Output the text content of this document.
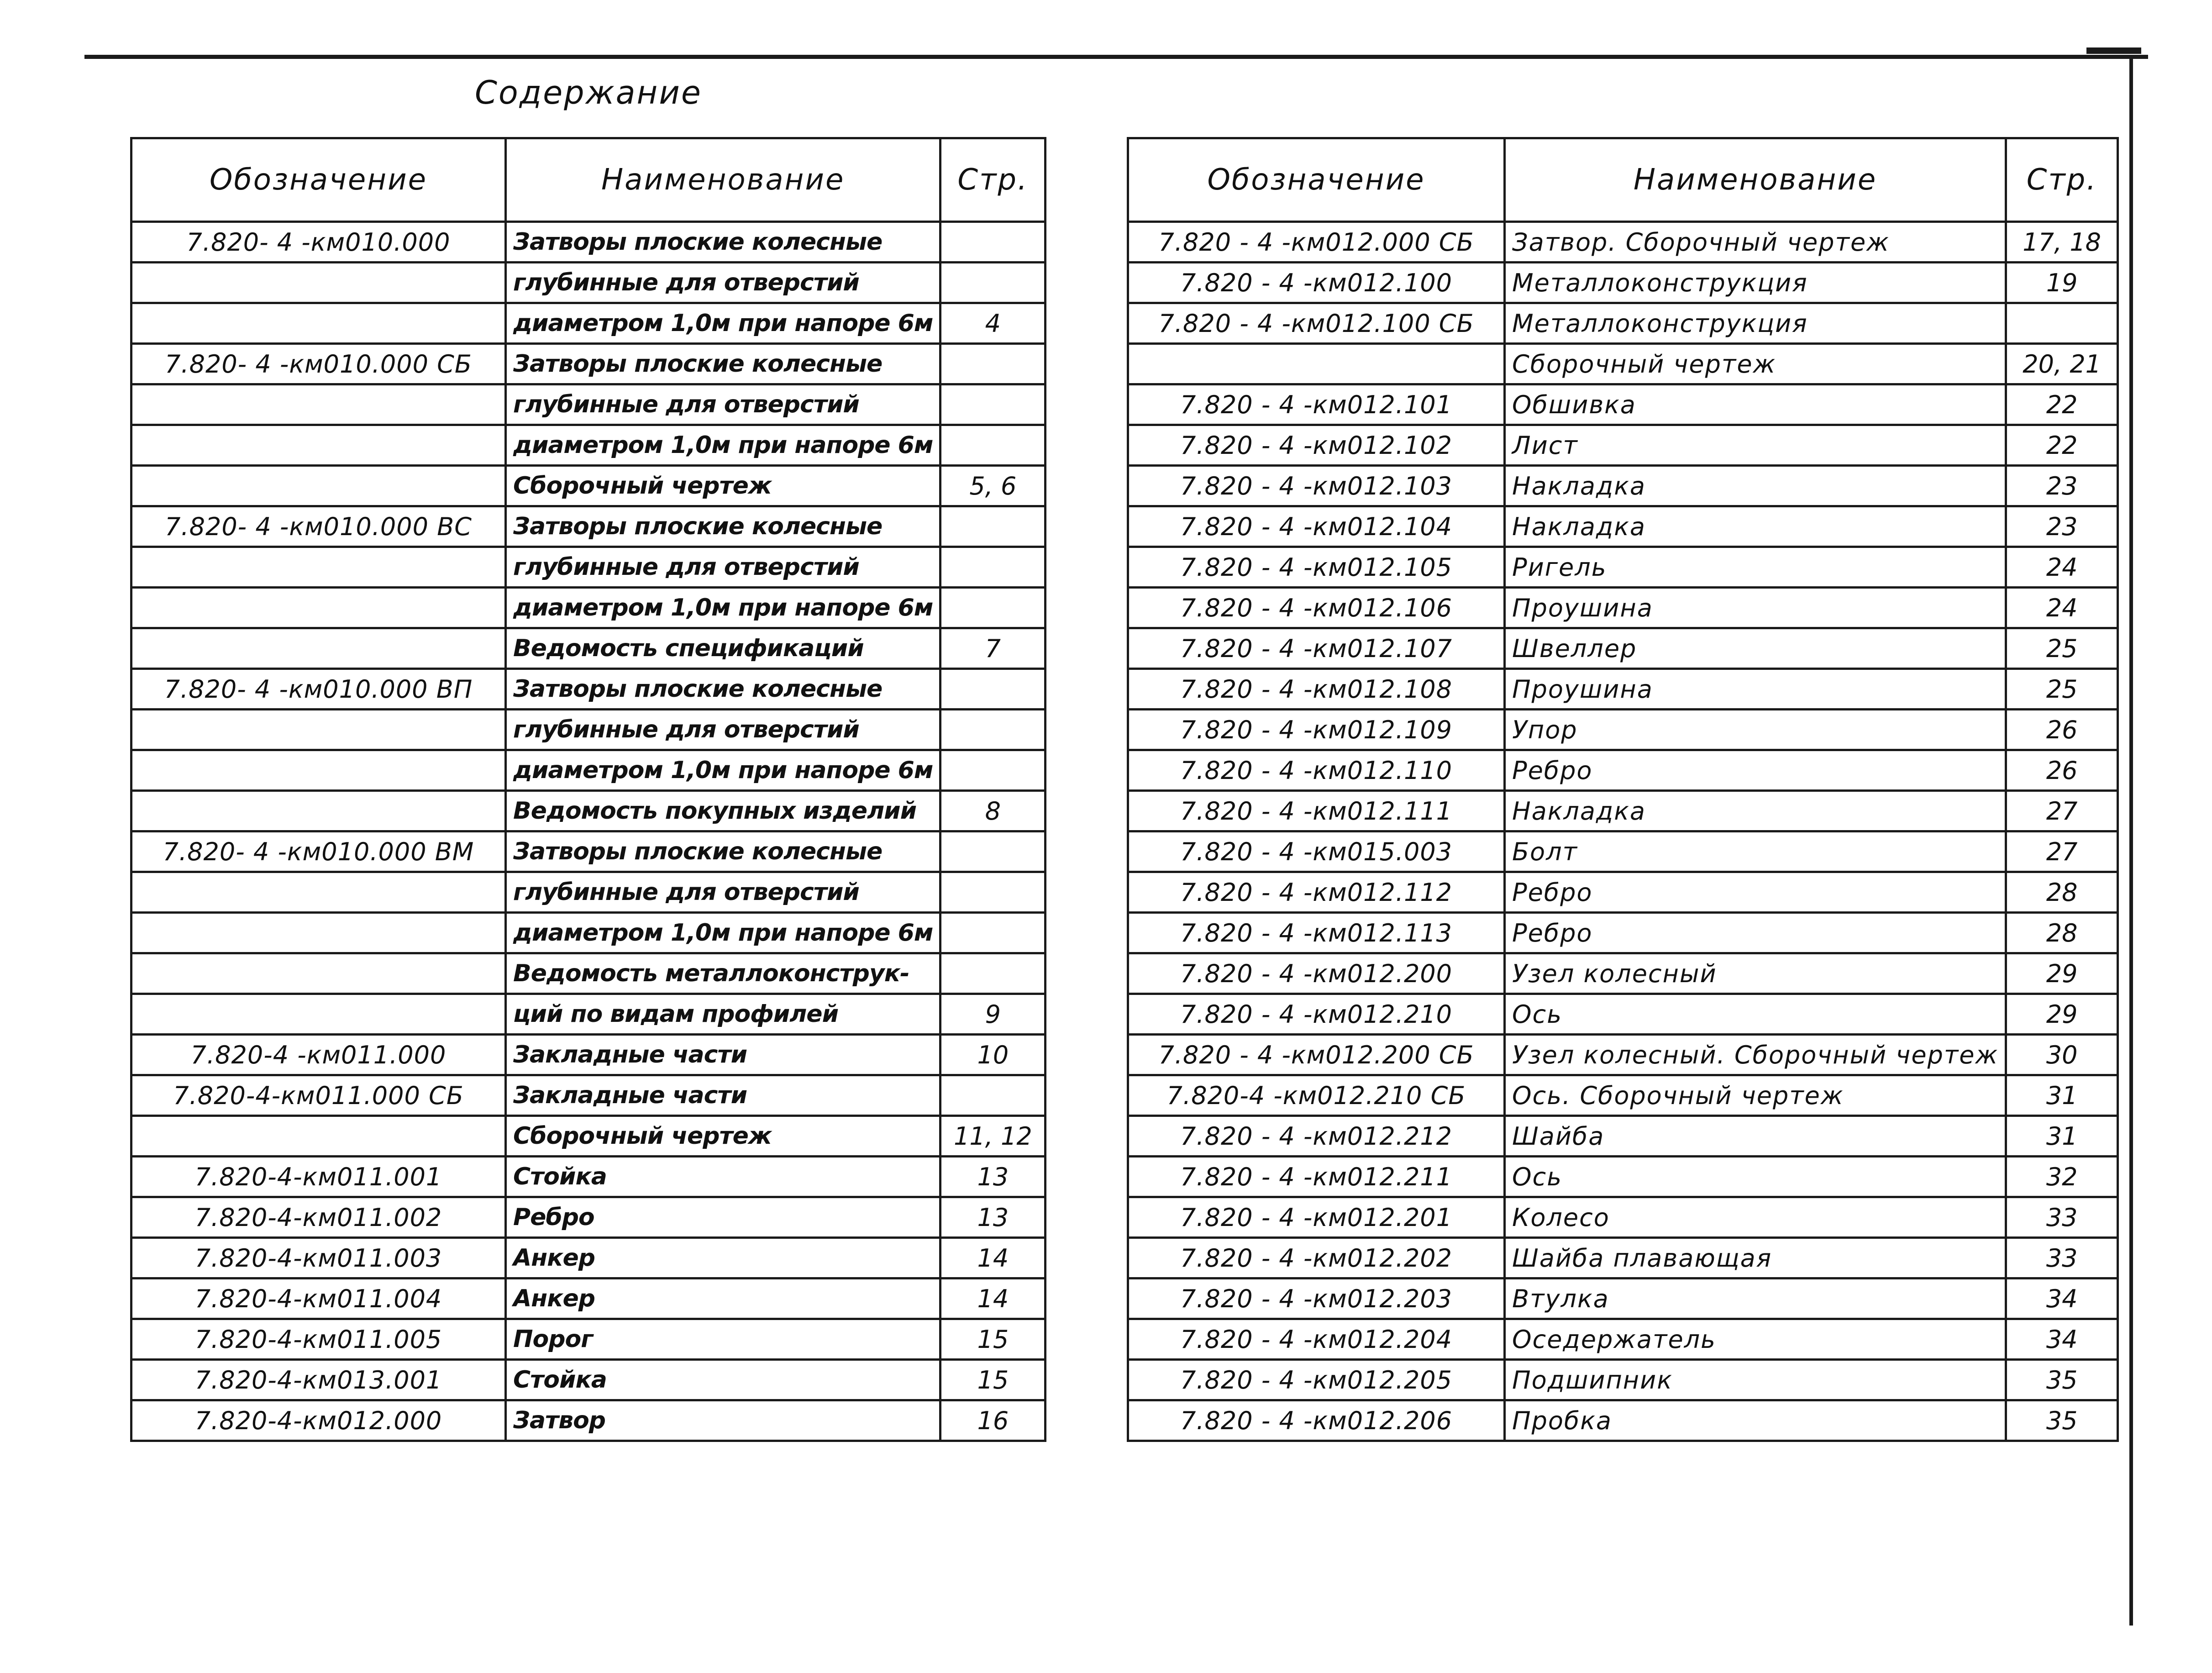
Содержание
Обозначение	Наименование	Стр.
7.820- 4 -км010.000	Затворы плоские колесные	
	глубинные для отверстий	
	диаметром 1,0м при напоре 6м	4
7.820- 4 -км010.000 СБ	Затворы плоские колесные	
	глубинные для отверстий	
	диаметром 1,0м при напоре 6м	
	Сборочный чертеж	5, 6
7.820- 4 -км010.000 ВС	Затворы плоские колесные	
	глубинные для отверстий	
	диаметром 1,0м при напоре 6м	
	Ведомость спецификаций	7
7.820- 4 -км010.000 ВП	Затворы плоские колесные	
	глубинные для отверстий	
	диаметром 1,0м при напоре 6м	
	Ведомость покупных изделий	8
7.820- 4 -км010.000 ВМ	Затворы плоские колесные	
	глубинные для отверстий	
	диаметром 1,0м при напоре 6м	
	Ведомость металлоконструк-	
	ций по видам профилей	9
7.820-4 -км011.000	Закладные части	10
7.820-4-км011.000 СБ	Закладные части	
	Сборочный чертеж	11, 12
7.820-4-км011.001	Стойка	13
7.820-4-км011.002	Ребро	13
7.820-4-км011.003	Анкер	14
7.820-4-км011.004	Анкер	14
7.820-4-км011.005	Порог	15
7.820-4-км013.001	Стойка	15
7.820-4-км012.000	Затвор	16
Обозначение	Наименование	Стр.
7.820 - 4 -км012.000 СБ	Затвор. Сборочный чертеж	17, 18
7.820 - 4 -км012.100	Металлоконструкция	19
7.820 - 4 -км012.100 СБ	Металлоконструкция	
	Сборочный чертеж	20, 21
7.820 - 4 -км012.101	Обшивка	22
7.820 - 4 -км012.102	Лист	22
7.820 - 4 -км012.103	Накладка	23
7.820 - 4 -км012.104	Накладка	23
7.820 - 4 -км012.105	Ригель	24
7.820 - 4 -км012.106	Проушина	24
7.820 - 4 -км012.107	Швеллер	25
7.820 - 4 -км012.108	Проушина	25
7.820 - 4 -км012.109	Упор	26
7.820 - 4 -км012.110	Ребро	26
7.820 - 4 -км012.111	Накладка	27
7.820 - 4 -км015.003	Болт	27
7.820 - 4 -км012.112	Ребро	28
7.820 - 4 -км012.113	Ребро	28
7.820 - 4 -км012.200	Узел колесный	29
7.820 - 4 -км012.210	Ось	29
7.820 - 4 -км012.200 СБ	Узел колесный. Сборочный чертеж	30
7.820-4 -км012.210 СБ	Ось. Сборочный чертеж	31
7.820 - 4 -км012.212	Шайба	31
7.820 - 4 -км012.211	Ось	32
7.820 - 4 -км012.201	Колесо	33
7.820 - 4 -км012.202	Шайба плавающая	33
7.820 - 4 -км012.203	Втулка	34
7.820 - 4 -км012.204	Оседержатель	34
7.820 - 4 -км012.205	Подшипник	35
7.820 - 4 -км012.206	Пробка	35
